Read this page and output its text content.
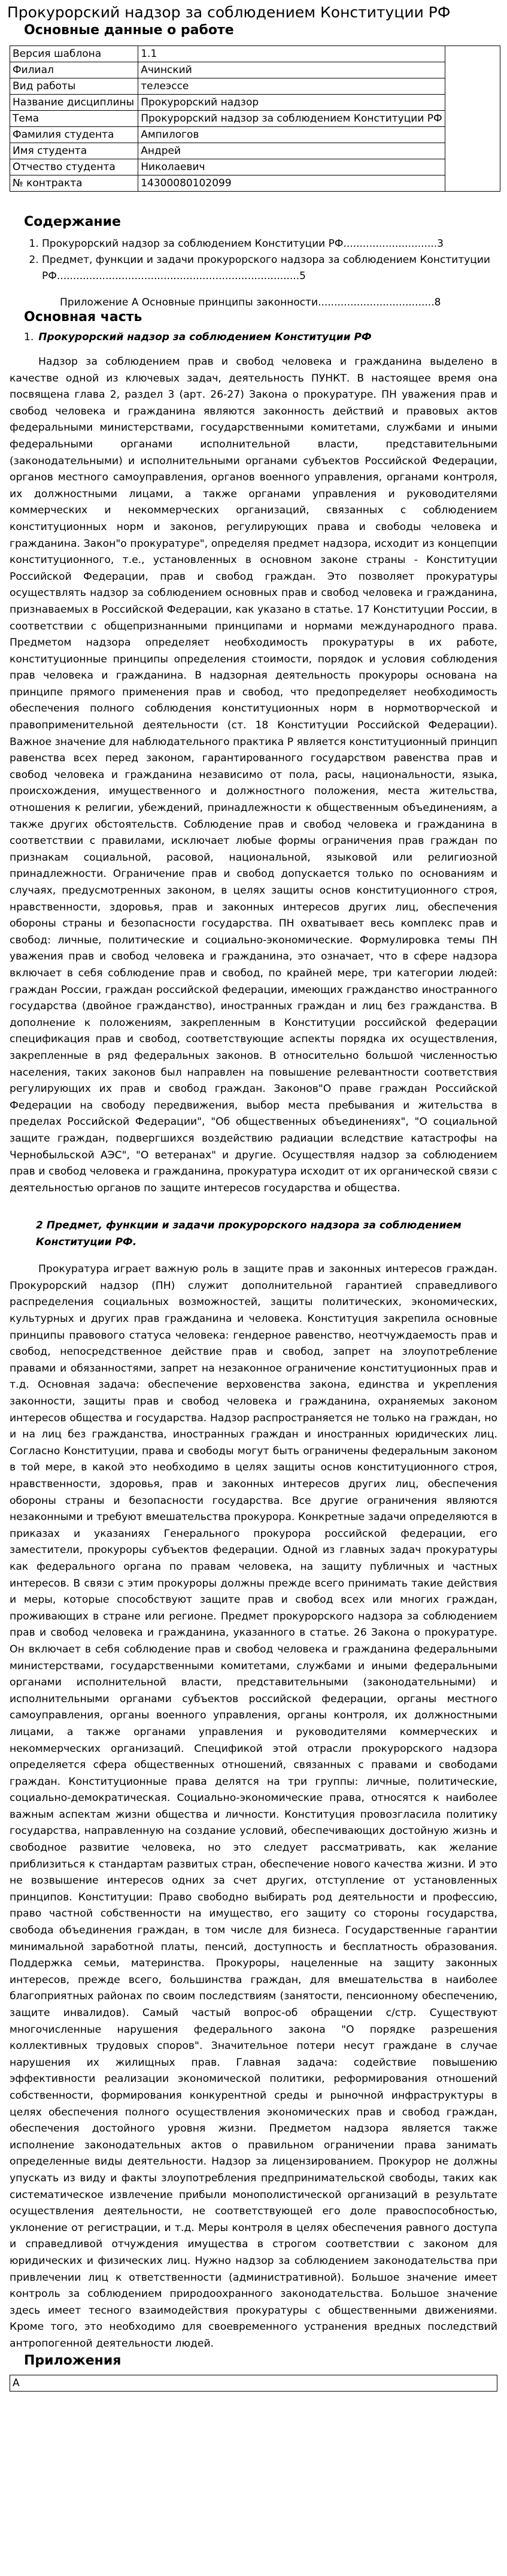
Прокурорский надзор за соблюдением Конституции РФ
Основные данные о работе
Версия шаблона	1.1	
Филиал	Ачинский	
Вид работы	телеэссе	
Название дисциплины	Прокурорский надзор	
Тема	Прокурорский надзор за соблюдением Конституции РФ	
Фамилия студента	Ампилогов	
Имя студента	Андрей	
Отчество студента	Николаевич	
№ контракта	14300080102099	
Содержание
1. Прокурорский надзор за соблюдением Конституции РФ.............................3
2. Предмет, функции и задачи прокурорского надзора за соблюдением Конституции РФ...........................................................................5
Приложение А Основные принципы законности....................................8
Основная часть
1. Прокурорский надзор за соблюдением Конституции РФ

Надзор за соблюдением прав и свобод человека и гражданина выделено в качестве одной из ключевых задач, деятельность ПУНКТ. В настоящее время она посвящена глава 2, раздел 3 (арт. 26-27) Закона о прокуратуре. ПН уважения прав и свобод человека и гражданина являются законность действий и правовых актов федеральными министерствами, государственными комитетами, службами и иными федеральными органами исполнительной власти, представительными (законодательными) и исполнительными органами субъектов Российской Федерации, органов местного самоуправления, органов военного управления, органами контроля, их должностными лицами, а также органами управления и руководителями коммерческих и некоммерческих организаций, связанных с соблюдением конституционных норм и законов, регулирующих права и свободы человека и гражданина. Закон"о прокуратуре", определяя предмет надзора, исходит из концепции конституционного, т.е., установленных в основном законе страны - Конституции Российской Федерации, прав и свобод граждан. Это позволяет прокуратуры осуществлять надзор за соблюдением основных прав и свобод человека и гражданина, признаваемых в Российской Федерации, как указано в статье. 17 Конституции России, в соответствии с общепризнанными принципами и нормами международного права. Предметом надзора определяет необходимость прокуратуры в их работе, конституционные принципы определения стоимости, порядок и условия соблюдения прав человека и гражданина. В надзорная деятельность прокуроры основана на принципе прямого применения прав и свобод, что предопределяет необходимость обеспечения полного соблюдения конституционных норм в нормотворческой и правоприменительной деятельности (ст. 18 Конституции Российской Федерации). Важное значение для наблюдательного практика Р является конституционный принцип равенства всех перед законом, гарантированного государством равенства прав и свобод человека и гражданина независимо от пола, расы, национальности, языка, происхождения, имущественного и должностного положения, места жительства, отношения к религии, убеждений, принадлежности к общественным объединениям, а также других обстоятельств. Соблюдение прав и свобод человека и гражданина в соответствии с правилами, исключает любые формы ограничения прав граждан по признакам социальной, расовой, национальной, языковой или религиозной принадлежности. Ограничение прав и свобод допускается только по основаниям и случаях, предусмотренных законом, в целях защиты основ конституционного строя, нравственности, здоровья, прав и законных интересов других лиц, обеспечения обороны страны и безопасности государства. ПН охватывает весь комплекс прав и свобод: личные, политические и социально-экономические. Формулировка темы ПН уважения прав и свобод человека и гражданина, это означает, что в сфере надзора включает в себя соблюдение прав и свобод, по крайней мере, три категории людей: граждан России, граждан российской федерации, имеющих гражданство иностранного государства (двойное гражданство), иностранных граждан и лиц без гражданства. В дополнение к положениям, закрепленным в Конституции российской федерации спецификация прав и свобод, соответствующие аспекты порядка их осуществления, закрепленные в ряд федеральных законов. В относительно большой численностью населения, таких законов был направлен на повышение релевантности соответствия регулирующих их прав и свобод граждан. Законов"О праве граждан Российской Федерации на свободу передвижения, выбор места пребывания и жительства в пределах Российской Федерации", "Об общественных объединениях", "О социальной защите граждан, подвергшихся воздействию радиации вследствие катастрофы на Чернобыльской АЭС", "О ветеранах" и другие. Осуществляя надзор за соблюдением прав и свобод человека и гражданина, прокуратура исходит от их органической связи с деятельностью органов по защите интересов государства и общества.

2 Предмет, функции и задачи прокурорского надзора за соблюдением Конституции РФ.

Прокуратура играет важную роль в защите прав и законных интересов граждан. Прокурорский надзор (ПН) служит дополнительной гарантией справедливого распределения социальных возможностей, защиты политических, экономических, культурных и других прав гражданина и человека. Конституция закрепила основные принципы правового статуса человека: гендерное равенство, неотчуждаемость прав и свобод, непосредственное действие прав и свобод, запрет на злоупотребление правами и обязанностями, запрет на незаконное ограничение конституционных прав и т.д. Основная задача: обеспечение верховенства закона, единства и укрепления законности, защиты прав и свобод человека и гражданина, охраняемых законом интересов общества и государства. Надзор распространяется не только на граждан, но и на лиц без гражданства, иностранных граждан и иностранных юридических лиц. Согласно Конституции, права и свободы могут быть ограничены федеральным законом в той мере, в какой это необходимо в целях защиты основ конституционного строя, нравственности, здоровья, прав и законных интересов других лиц, обеспечения обороны страны и безопасности государства. Все другие ограничения являются незаконными и требуют вмешательства прокурора. Конкретные задачи определяются в приказах и указаниях Генерального прокурора российской федерации, его заместители, прокуроры субъектов федерации. Одной из главных задач прокуратуры как федерального органа по правам человека, на защиту публичных и частных интересов. В связи с этим прокуроры должны прежде всего принимать такие действия и меры, которые способствуют защите прав и свобод всех или многих граждан, проживающих в стране или регионе. Предмет прокурорского надзора за соблюдением прав и свобод человека и гражданина, указанного в статье. 26 Закона о прокуратуре. Он включает в себя соблюдение прав и свобод человека и гражданина федеральными министерствами, государственными комитетами, службами и иными федеральными органами исполнительной власти, представительными (законодательными) и исполнительными органами субъектов российской федерации, органы местного самоуправления, органы военного управления, органы контроля, их должностными лицами, а также органами управления и руководителями коммерческих и некоммерческих организаций. Спецификой этой отрасли прокурорского надзора определяется сфера общественных отношений, связанных с правами и свободами граждан. Конституционные права делятся на три группы: личные, политические, социально-демократическая. Социально-экономические права, относятся к наиболее важным аспектам жизни общества и личности. Конституция провозгласила политику государства, направленную на создание условий, обеспечивающих достойную жизнь и свободное развитие человека, но это следует рассматривать, как желание приблизиться к стандартам развитых стран, обеспечение нового качества жизни. И это не возвышение интересов одних за счет других, отступление от установленных принципов. Конституции: Право свободно выбирать род деятельности и профессию, право частной собственности на имущество, его защиту со стороны государства, свобода объединения граждан, в том числе для бизнеса. Государственные гарантии минимальной заработной платы, пенсий, доступность и бесплатность образования. Поддержка семьи, материнства. Прокуроры, нацеленные на защиту законных интересов, прежде всего, большинства граждан, для вмешательства в наиболее благоприятных районах по своим последствиям (занятости, пенсионному обеспечению, защите инвалидов). Самый частый вопрос-об обращении с/стр. Существуют многочисленные нарушения федерального закона "О порядке разрешения коллективных трудовых споров". Значительное потери несут граждане в случае нарушения их жилищных прав. Главная задача: содействие повышению эффективности реализации экономической политики, реформирования отношений собственности, формирования конкурентной среды и рыночной инфраструктуры в целях обеспечения полного осуществления экономических прав и свобод граждан, обеспечения достойного уровня жизни. Предметом надзора является также исполнение законодательных актов о правильном ограничении права занимать определенные виды деятельности. Надзор за лицензированием. Прокурор не должны упускать из виду и факты злоупотребления предпринимательской свободы, таких как систематическое извлечение прибыли монополистической организаций в результате осуществления деятельности, не соответствующей его доле правоспособностью, уклонение от регистрации, и т.д. Меры контроля в целях обеспечения равного доступа и справедливой отчуждения имущества в строгом соответствии с законом для юридических и физических лиц. Нужно надзор за соблюдением законодательства при привлечении лиц к ответственности (административной). Большое значение имеет контроль за соблюдением природоохранного законодательства. Большое значение здесь имеет тесного взаимодействия прокуратуры с общественными движениями. Кроме того, это необходимо для своевременного устранения вредных последствий антропогенной деятельности людей.

Приложения
А
